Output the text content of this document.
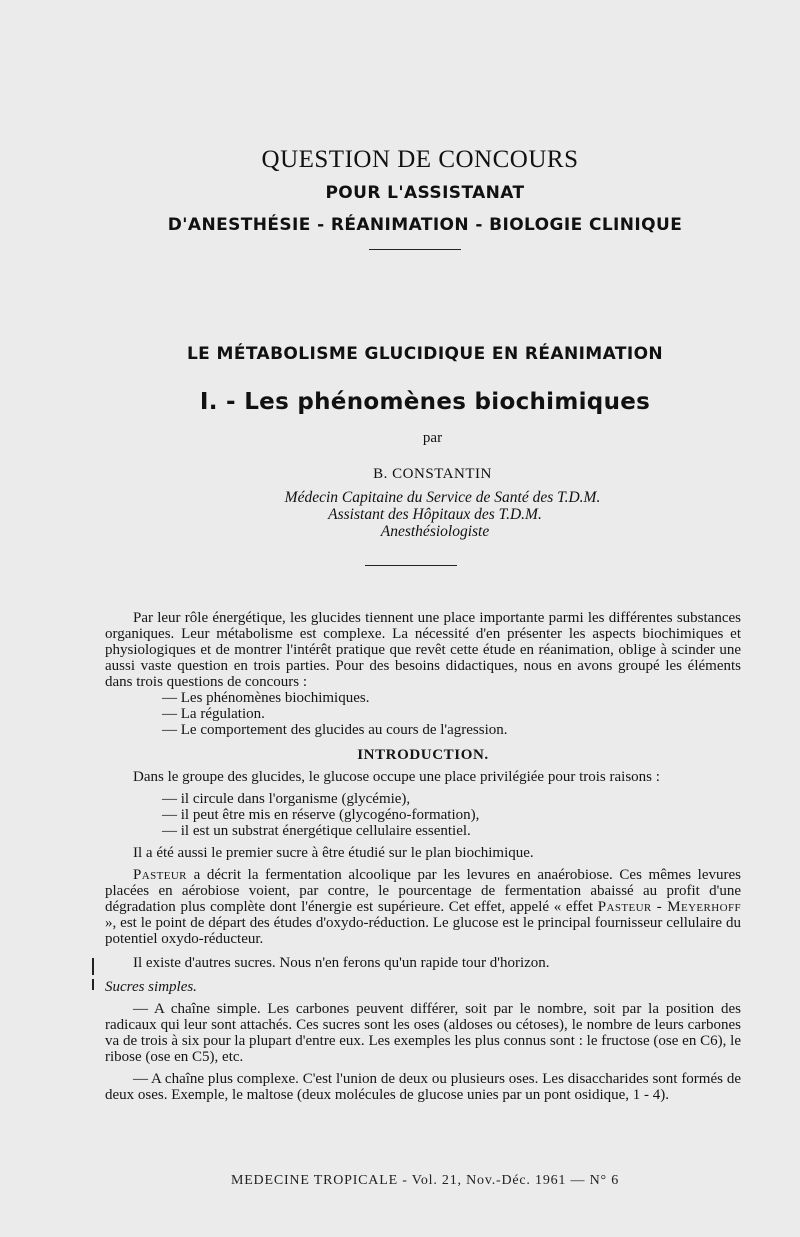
QUESTION DE CONCOURS
POUR L'ASSISTANAT
D'ANESTHÉSIE - RÉANIMATION - BIOLOGIE CLINIQUE
LE MÉTABOLISME GLUCIDIQUE EN RÉANIMATION
I. - Les phénomènes biochimiques
par
B. CONSTANTIN
Médecin Capitaine du Service de Santé des T.D.M.
Assistant des Hôpitaux des T.D.M.
Anesthésiologiste

Par leur rôle énergétique, les glucides tiennent une place importante parmi les différentes substances organiques. Leur métabolisme est complexe. La nécessité d'en présenter les aspects biochimiques et physiologiques et de montrer l'intérêt pratique que revêt cette étude en réanimation, oblige à scinder une aussi vaste question en trois parties. Pour des besoins didactiques, nous en avons groupé les éléments dans trois questions de concours :

— Les phénomènes biochimiques.
— La régulation.
— Le comportement des glucides au cours de l'agression.
INTRODUCTION.

Dans le groupe des glucides, le glucose occupe une place privilégiée pour trois raisons :

— il circule dans l'organisme (glycémie),
— il peut être mis en réserve (glycogéno-formation),
— il est un substrat énergétique cellulaire essentiel.

Il a été aussi le premier sucre à être étudié sur le plan biochimique.

Pasteur a décrit la fermentation alcoolique par les levures en anaérobiose. Ces mêmes levures placées en aérobiose voient, par contre, le pourcentage de fermentation abaissé au profit d'une dégradation plus complète dont l'énergie est supérieure. Cet effet, appelé « effet Pasteur - Meyerhoff », est le point de départ des études d'oxydo-réduction. Le glucose est le principal fournisseur cellulaire du potentiel oxydo-réducteur.

Il existe d'autres sucres. Nous n'en ferons qu'un rapide tour d'horizon.

Sucres simples.

— A chaîne simple. Les carbones peuvent différer, soit par le nombre, soit par la position des radicaux qui leur sont attachés. Ces sucres sont les oses (aldoses ou cétoses), le nombre de leurs carbones va de trois à six pour la plupart d'entre eux. Les exemples les plus connus sont : le fructose (ose en C6), le ribose (ose en C5), etc.

— A chaîne plus complexe. C'est l'union de deux ou plusieurs oses. Les disaccharides sont formés de deux oses. Exemple, le maltose (deux molécules de glucose unies par un pont osidique, 1 - 4).

MEDECINE TROPICALE - Vol. 21, Nov.-Déc. 1961 — N° 6
